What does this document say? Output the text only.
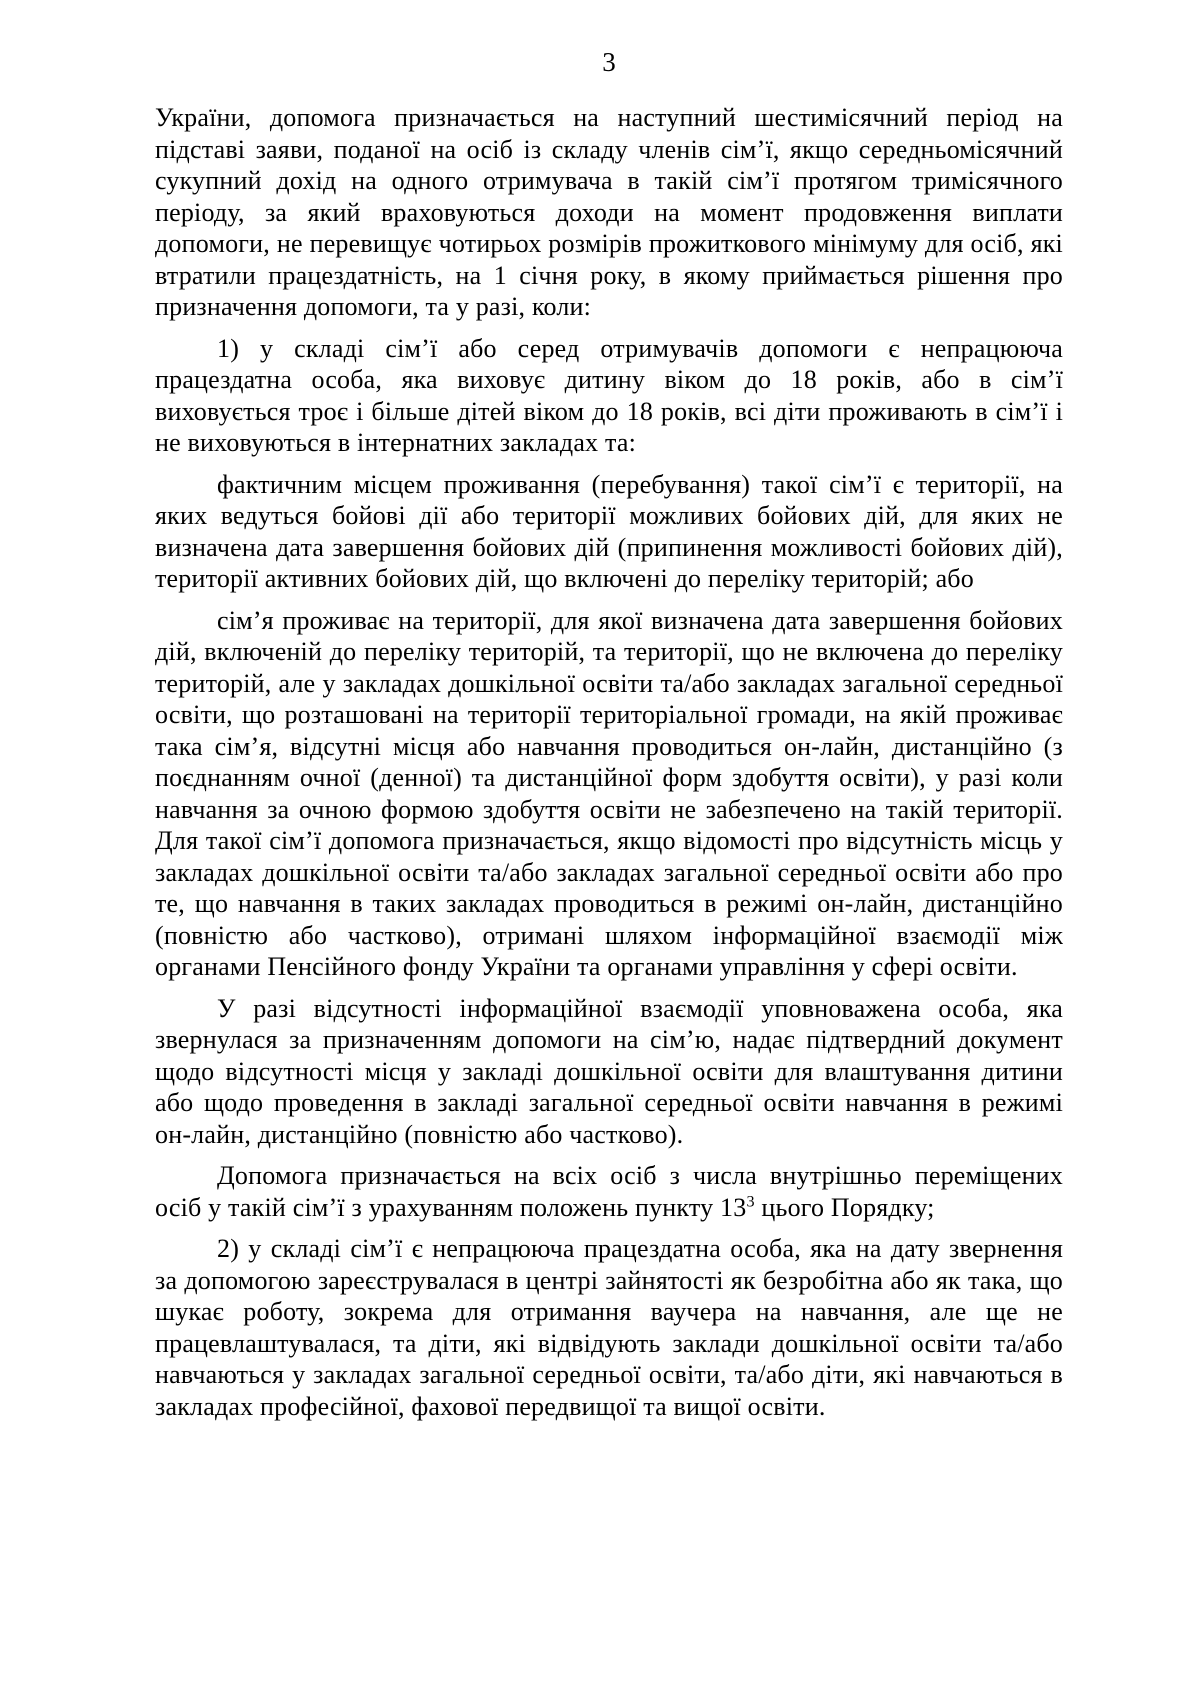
3

України, допомога призначається на наступний шестимісячний період на підставі заяви, поданої на осіб із складу членів сім’ї, якщо середньомісячний сукупний дохід на одного отримувача в такій сім’ї протягом тримісячного періоду, за який враховуються доходи на момент продовження виплати допомоги, не перевищує чотирьох розмірів прожиткового мінімуму для осіб, які втратили працездатність, на 1 січня року, в якому приймається рішення про призначення допомоги, та у разі, коли:

1) у складі сім’ї або серед отримувачів допомоги є непрацююча працездатна особа, яка виховує дитину віком до 18 років, або в сім’ї виховується троє і більше дітей віком до 18 років, всі діти проживають в сім’ї і не виховуються в інтернатних закладах та:

фактичним місцем проживання (перебування) такої сім’ї є території, на яких ведуться бойові дії або території можливих бойових дій, для яких не визначена дата завершення бойових дій (припинення можливості бойових дій), території активних бойових дій, що включені до переліку територій; або

сім’я проживає на території, для якої визначена дата завершення бойових дій, включеній до переліку територій, та території, що не включена до переліку територій, але у закладах дошкільної освіти та/або закладах загальної середньої освіти, що розташовані на території територіальної громади, на якій проживає така сім’я, відсутні місця або навчання проводиться он-лайн, дистанційно (з поєднанням очної (денної) та дистанційної форм здобуття освіти), у разі коли навчання за очною формою здобуття освіти не забезпечено на такій території. Для такої сім’ї допомога призначається, якщо відомості про відсутність місць у закладах дошкільної освіти та/або закладах загальної середньої освіти або про те, що навчання в таких закладах проводиться в режимі он-лайн, дистанційно (повністю або частково), отримані шляхом інформаційної взаємодії між органами Пенсійного фонду України та органами управління у сфері освіти.

У разі відсутності інформаційної взаємодії уповноважена особа, яка звернулася за призначенням допомоги на сім’ю, надає підтвердний документ щодо відсутності місця у закладі дошкільної освіти для влаштування дитини або щодо проведення в закладі загальної середньої освіти навчання в режимі он-лайн, дистанційно (повністю або частково).

Допомога призначається на всіх осіб з числа внутрішньо переміщених осіб у такій сім’ї з урахуванням положень пункту $13^3$ цього Порядку;

2) у складі сім’ї є непрацююча працездатна особа, яка на дату звернення за допомогою зареєструвалася в центрі зайнятості як безробітна або як така, що шукає роботу, зокрема для отримання ваучера на навчання, але ще не працевлаштувалася, та діти, які відвідують заклади дошкільної освіти та/або навчаються у закладах загальної середньої освіти, та/або діти, які навчаються в закладах професійної, фахової передвищої та вищої освіти.
